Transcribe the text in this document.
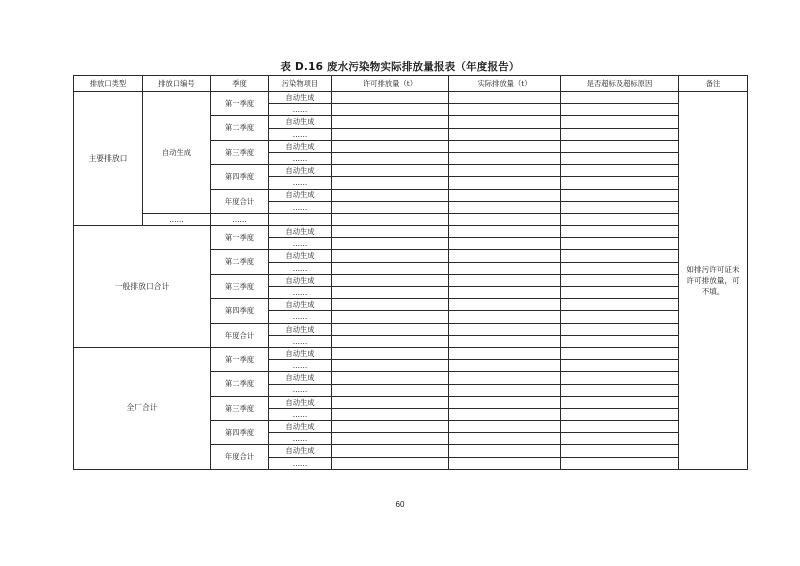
表 D.16 废水污染物实际排放量报表（年度报告）
排放口类型	排放口编号	季度	污染物项目	许可排放量（t）	实际排放量（t）	是否超标及超标原因	备注
主要排放口	自动生成	第一季度	自动生成				如排污许可证未许可排放量，可不填。
			……				
		第二季度	自动生成				
			……				
		第三季度	自动生成				
			……				
		第四季度	自动生成				
			……				
		年度合计	自动生成				
			……				
	……	……					
一般排放口合计		第一季度	自动生成				
			……				
		第二季度	自动生成				
			……				
		第三季度	自动生成				
			……				
		第四季度	自动生成				
			……				
		年度合计	自动生成				
			……				
全厂合计		第一季度	自动生成				
			……				
		第二季度	自动生成				
			……				
		第三季度	自动生成				
			……				
		第四季度	自动生成				
			……				
		年度合计	自动生成				
			……				
60
